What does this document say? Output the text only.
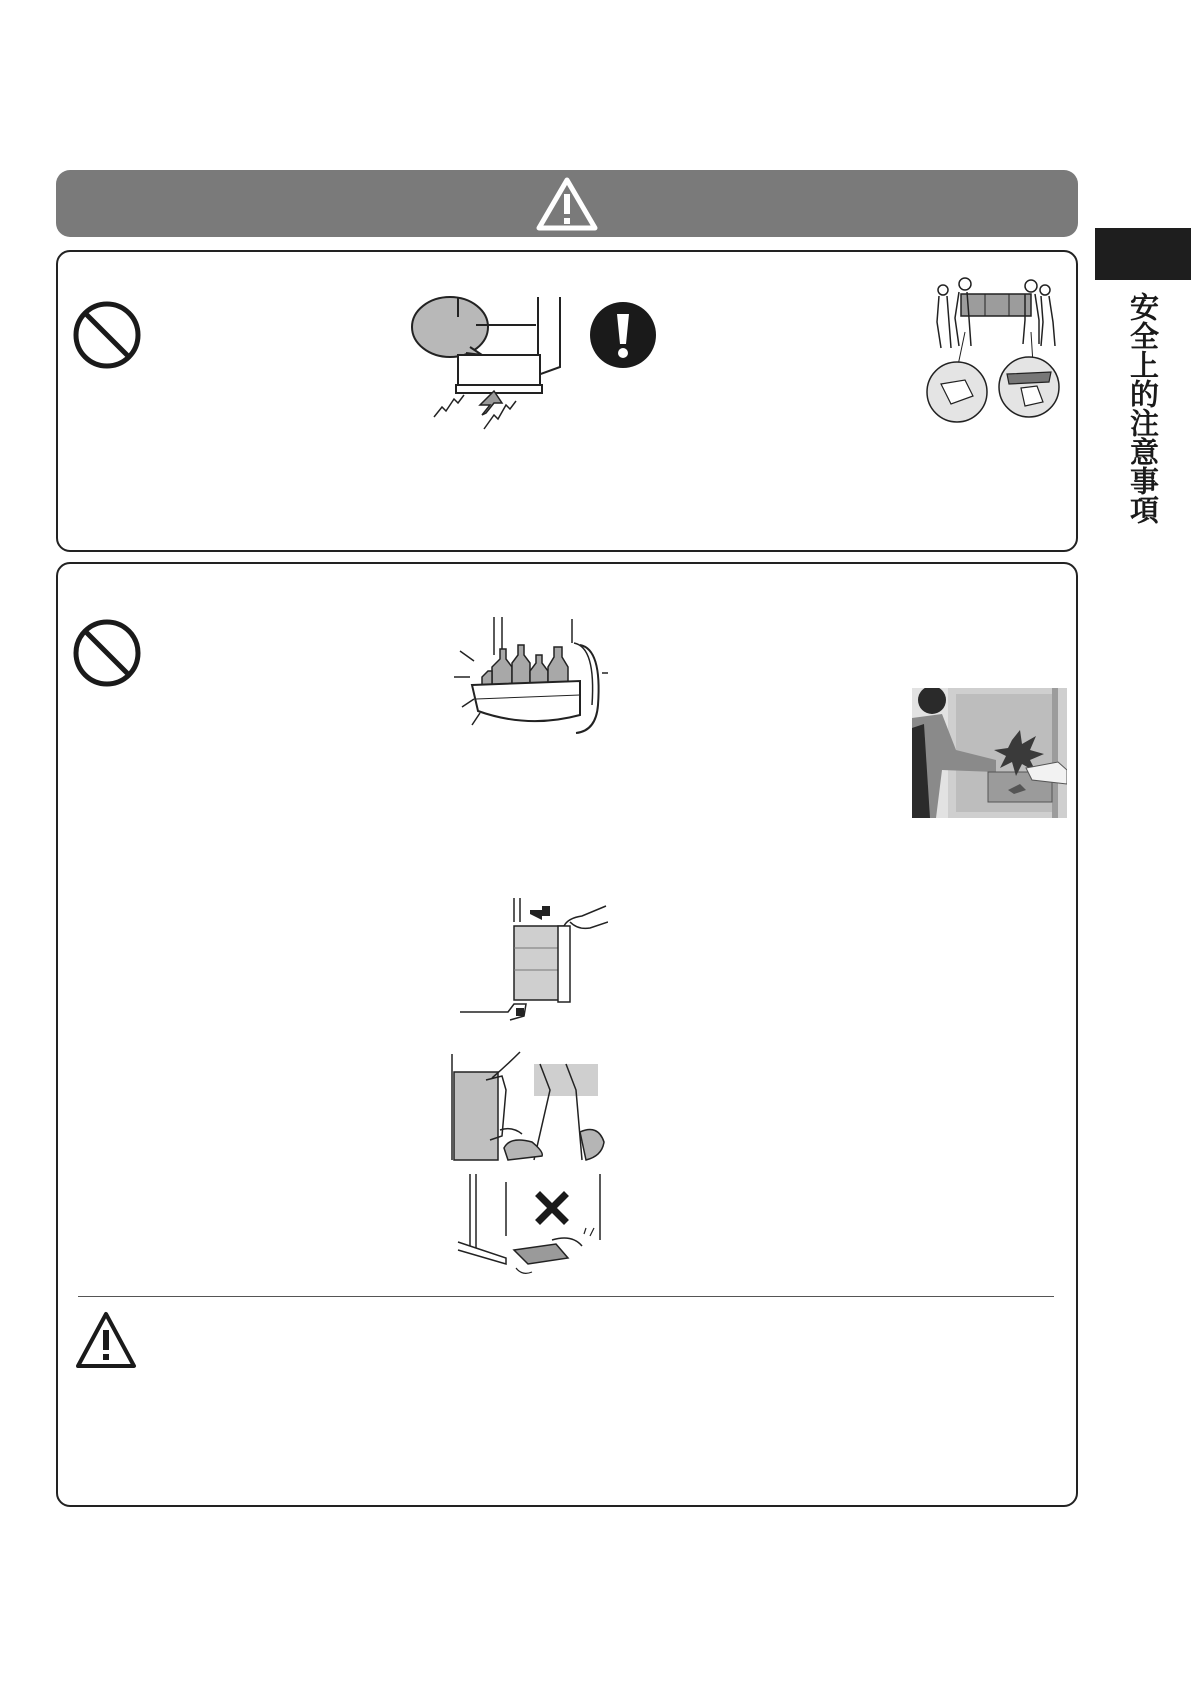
安全上的注意事項
